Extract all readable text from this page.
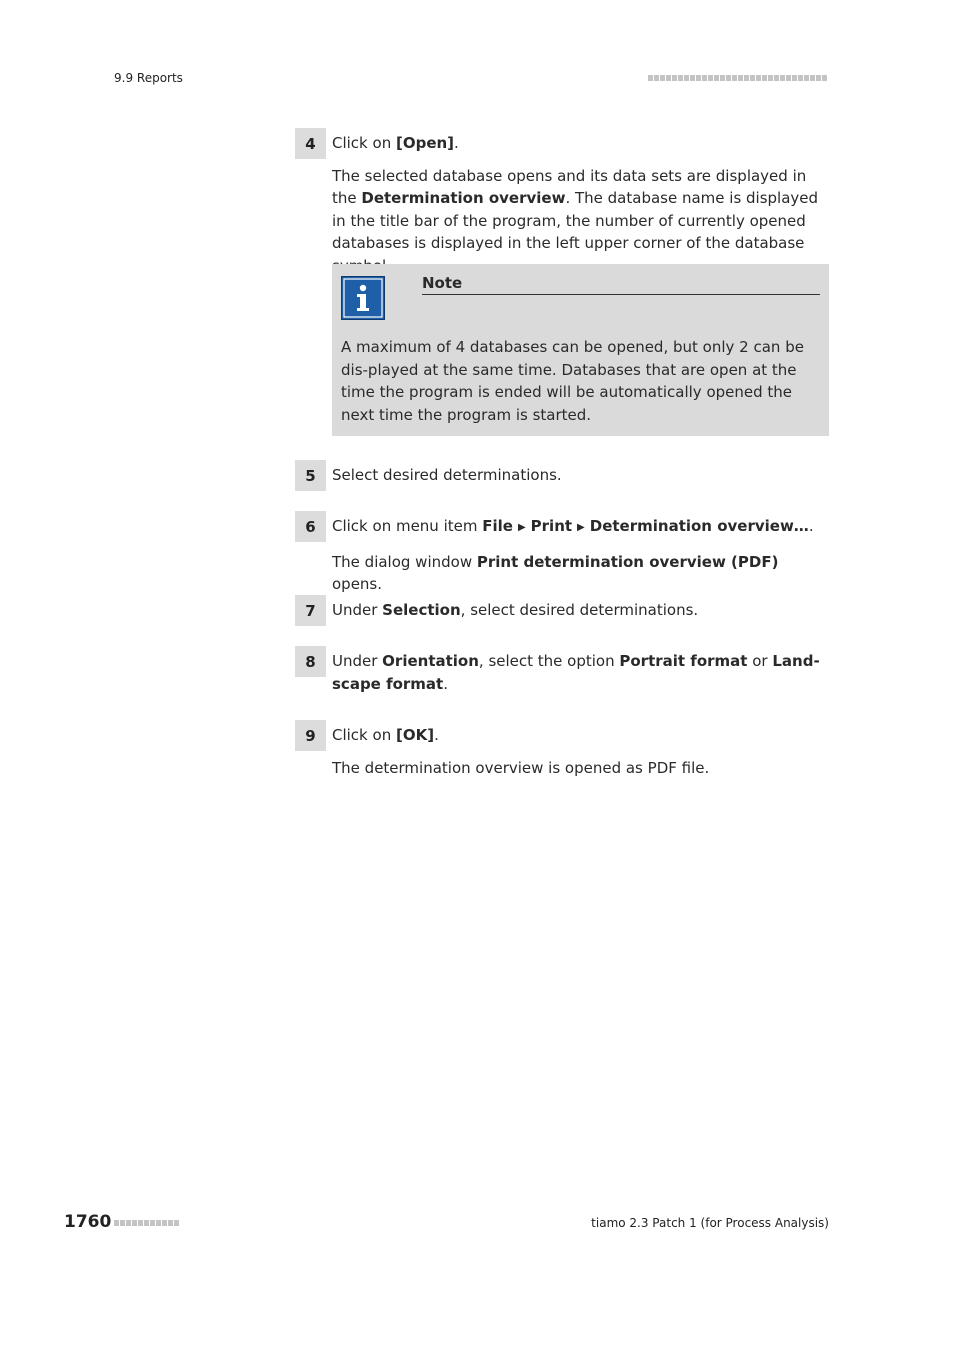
9.9 Reports
4	Click on [Open].
The selected database opens and its data sets are displayed in the Determination overview. The database name is displayed in the title bar of the program, the number of currently opened databases is displayed in the left upper corner of the database
Note
A maximum of 4 databases can be opened, but only 2 can be dis-played at the same time. Databases that are open at the time the program is ended will be automatically opened the next time the program is started.
5	Select desired determinations.
6	Click on menu item File ▶ Print ▶ Determination overview….
The dialog window Print determination overview (PDF) opens.
7	Under Selection, select desired determinations.
8	Under Orientation, select the option Portrait format or Land-scape format.
9	Click on [OK].
The determination overview is opened as PDF file.
1760	tiamo 2.3 Patch 1 (for Process Analysis)
